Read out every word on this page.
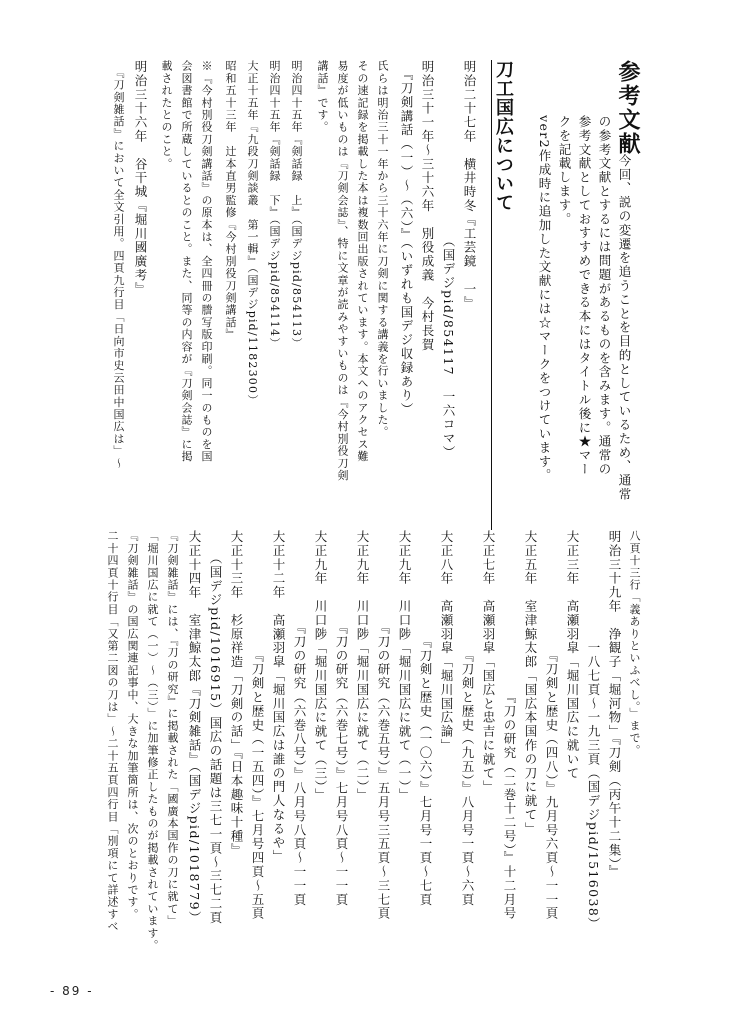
参考文献
　今回、説の変遷を追うことを目的としているため、通常
の参考文献とするには問題があるものを含みます。通常の
参考文献としておすすめできる本にはタイトル後に★マー
クを記載します。
ver2作成時に追加した文献には☆マークをつけています。
刀工国広について
明治二十七年　横井時冬『工芸鏡　一』
　　　　　　　　　　　　　（国デジpid/854117　一六コマ）
明治三十一年～三十六年　別役成義　今村長賀
　『刀剣講話（一）～（六）』（いずれも国デジ収録あり）
氏らは明治三十一年から三十六年に刀剣に関する講義を行いました。
その速記録を掲載した本は複数回出版されています。本文へのアクセス難
易度が低いものは『刀剣会誌』、特に文章が読みやすいものは『今村別役刀剣
講話』です。
明治四十五年『剣話録　上』（国デジpid/854113）
明治四十五年『剣話録　下』（国デジpid/854114）
大正十五年『九段刀剣談叢　第一輯』（国デジpid/1182300）
昭和五十三年　辻本直男監修『今村別役刀剣講話』
※『今村別役刀剣講話』の原本は、全四冊の謄写版印刷。同一のものを国
会図書館で所蔵しているとのこと。また、同等の内容が『刀剣会誌』に掲
載されたとのこと。
明治三十六年　谷干城『堀川國廣考』
　『刀剣雑話』において全文引用。四頁九行目「日向市史云田中国広は」～
八頁十三行「義ありといふべし。」まで。
明治三十九年　浄観子「堀河物」『刀剣（丙午十二集）』
　　　　　　　　一八七頁～一九三頁（国デジpid/1516038）
大正三年　高瀬羽皐「堀川国広に就いて
　　　　　　　　　『刀剣と歴史（四八）』九月号六頁～一一頁
大正五年　室津鯨太郎「国広本国作の刀に就て」
　　　　　　　　　　　　『刀の研究（二巻十二号）』十二月号
大正七年　高瀬羽皐「国広と忠吉に就て」
　　　　　　　　　『刀剣と歴史（九五）』八月号一頁～六頁
大正八年　高瀬羽皐「堀川国広論」
　　　　　　　　『刀剣と歴史（一〇六）』七月号一頁～七頁
大正九年　川口陟「堀川国広に就て（一）」
　　　　　　　『刀の研究（六巻五号）』五月号三五頁～三七頁
大正九年　川口陟「堀川国広に就て（二）」
　　　　　　　『刀の研究（六巻七号）』七月号八頁～一一頁
大正九年　川口陟「堀川国広に就て（三）」
　　　　　　　『刀の研究（六巻八号）』八月号八頁～一一頁
大正十二年　高瀬羽皐「堀川国広は誰の門人なるや」
　　　　　　　　　『刀剣と歴史（一五四）』七月号四頁～五頁
大正十三年　杉原祥造「刀剣の話」『日本趣味十種』
　　（国デジpid/1016915）国広の話題は三七一頁～三七二頁
大正十四年　室津鯨太郎『刀剣雑話』（国デジpid/1018779）
『刀剣雑話』には、『刀の研究』に掲載された「國廣本国作の刀に就て」
「堀川国広に就て（一）～（三）」に加筆修正したものが掲載されています。
『刀剣雑話』の国広関連記事中、大きな加筆箇所は、次のとおりです。
二十四頁十行目「又第二図の刀は」～二十五頁四行目「別項にて詳述すべ
- 89 -
